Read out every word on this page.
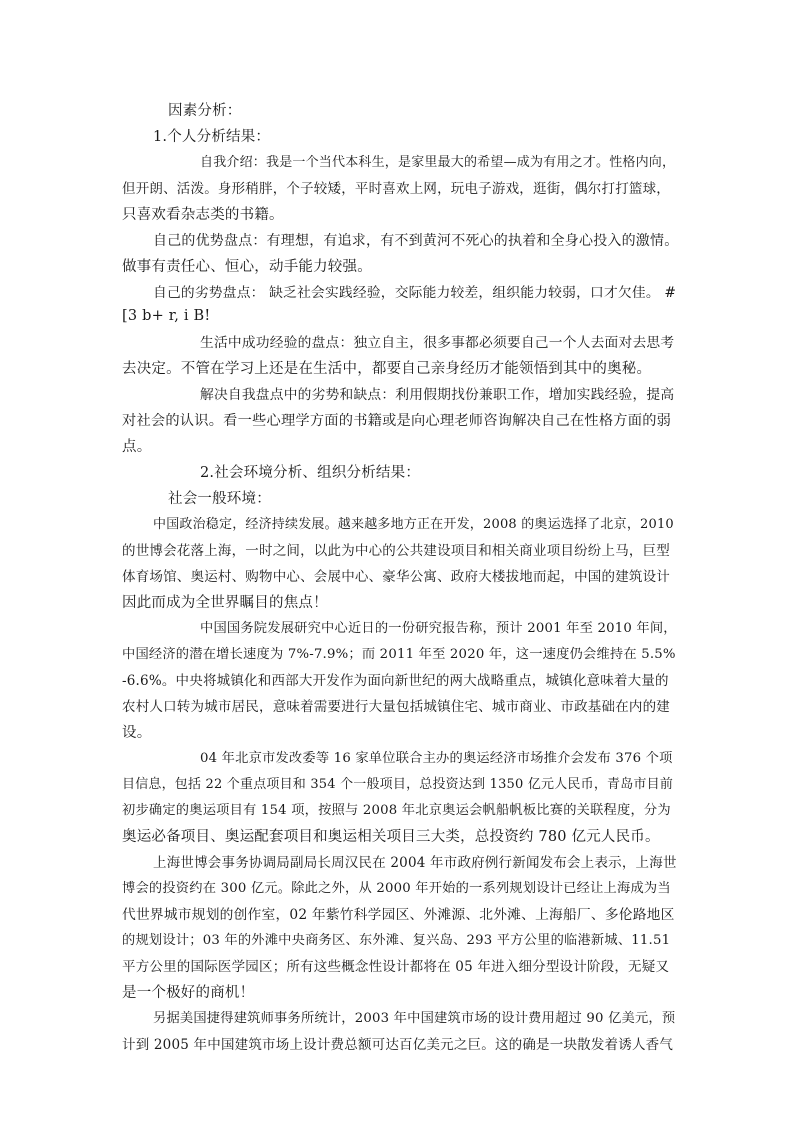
因素分析：
1.个人分析结果：
自我介绍：我是一个当代本科生，是家里最大的希望—成为有用之才。性格内向，
但开朗、活泼。身形稍胖，个子较矮，平时喜欢上网，玩电子游戏，逛街，偶尔打打篮球，
只喜欢看杂志类的书籍。
自己的优势盘点：有理想，有追求，有不到黄河不死心的执着和全身心投入的激情。
做事有责任心、恒心，动手能力较强。
自己的劣势盘点： 缺乏社会实践经验，交际能力较差，组织能力较弱，口才欠佳。 #
[3 b+ r, i B!
生活中成功经验的盘点：独立自主，很多事都必须要自己一个人去面对去思考
去决定。不管在学习上还是在生活中，都要自己亲身经历才能领悟到其中的奥秘。
解决自我盘点中的劣势和缺点：利用假期找份兼职工作，增加实践经验，提高
对社会的认识。看一些心理学方面的书籍或是向心理老师咨询解决自己在性格方面的弱
点。
2.社会环境分析、组织分析结果：
社会一般环境：
中国政治稳定，经济持续发展。越来越多地方正在开发，2008 的奥运选择了北京，2010
的世博会花落上海，一时之间，以此为中心的公共建设项目和相关商业项目纷纷上马，巨型
体育场馆、奥运村、购物中心、会展中心、豪华公寓、政府大楼拔地而起，中国的建筑设计
因此而成为全世界瞩目的焦点！
中国国务院发展研究中心近日的一份研究报告称，预计 2001 年至 2010 年间，
中国经济的潜在增长速度为 7%-7.9%；而 2011 年至 2020 年，这一速度仍会维持在 5.5%
-6.6%。中央将城镇化和西部大开发作为面向新世纪的两大战略重点，城镇化意味着大量的
农村人口转为城市居民，意味着需要进行大量包括城镇住宅、城市商业、市政基础在内的建
设。
04 年北京市发改委等 16 家单位联合主办的奥运经济市场推介会发布 376 个项
目信息，包括 22 个重点项目和 354 个一般项目，总投资达到 1350 亿元人民币，青岛市目前
初步确定的奥运项目有 154 项，按照与 2008 年北京奥运会帆船帆板比赛的关联程度，分为
奥运必备项目、奥运配套项目和奥运相关项目三大类，总投资约 780 亿元人民币。
上海世博会事务协调局副局长周汉民在 2004 年市政府例行新闻发布会上表示，上海世
博会的投资约在 300 亿元。除此之外，从 2000 年开始的一系列规划设计已经让上海成为当
代世界城市规划的创作室，02 年紫竹科学园区、外滩源、北外滩、上海船厂、多伦路地区
的规划设计；03 年的外滩中央商务区、东外滩、复兴岛、293 平方公里的临港新城、11.51
平方公里的国际医学园区；所有这些概念性设计都将在 05 年进入细分型设计阶段，无疑又
是一个极好的商机！
另据美国捷得建筑师事务所统计，2003 年中国建筑市场的设计费用超过 90 亿美元，预
计到 2005 年中国建筑市场上设计费总额可达百亿美元之巨。这的确是一块散发着诱人香气
